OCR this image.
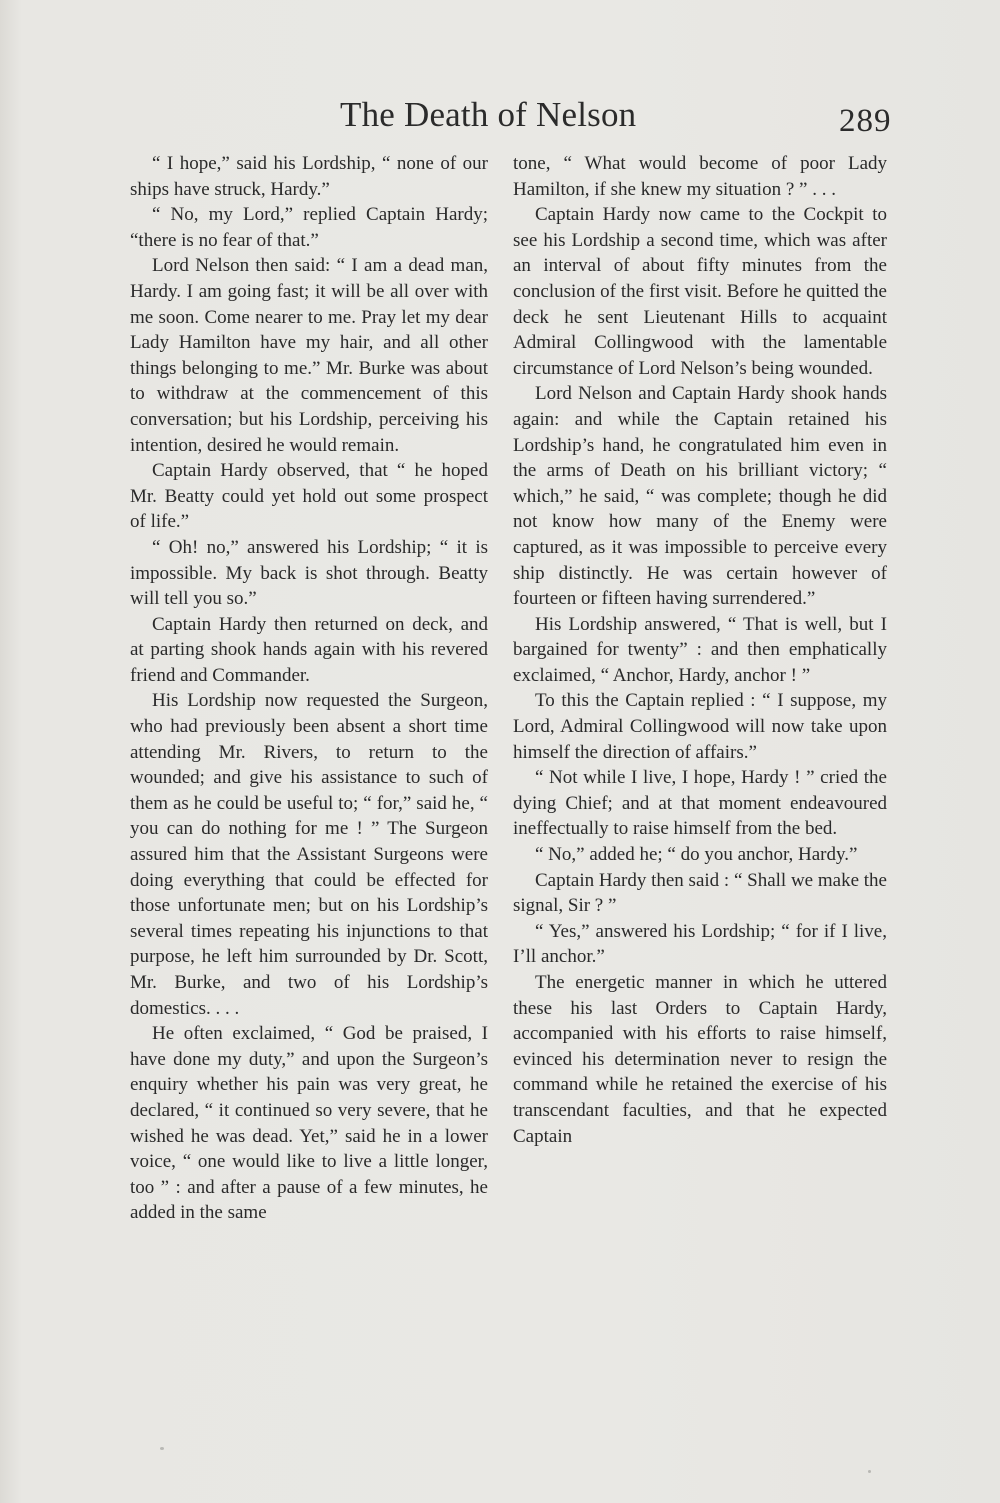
The Death of Nelson	289

“ I hope,” said his Lordship, “ none of our ships have struck, Hardy.”

“ No, my Lord,” replied Captain Hardy; “there is no fear of that.”

Lord Nelson then said: “ I am a dead man, Hardy. I am going fast; it will be all over with me soon. Come nearer to me. Pray let my dear Lady Hamilton have my hair, and all other things belonging to me.” Mr. Burke was about to withdraw at the commencement of this conversation; but his Lordship, perceiving his intention, desired he would remain.

Captain Hardy observed, that “ he hoped Mr. Beatty could yet hold out some prospect of life.”

“ Oh! no,” answered his Lordship; “ it is impossible. My back is shot through. Beatty will tell you so.”

Captain Hardy then returned on deck, and at parting shook hands again with his revered friend and Commander.

His Lordship now requested the Surgeon, who had previously been absent a short time attending Mr. Rivers, to return to the wounded; and give his assistance to such of them as he could be useful to; “ for,” said he, “ you can do nothing for me ! ” The Surgeon assured him that the Assistant Surgeons were doing everything that could be effected for those unfortunate men; but on his Lordship’s several times repeating his injunctions to that purpose, he left him surrounded by Dr. Scott, Mr. Burke, and two of his Lordship’s domestics. . . .

He often exclaimed, “ God be praised, I have done my duty,” and upon the Surgeon’s enquiry whether his pain was very great, he declared, “ it continued so very severe, that he wished he was dead. Yet,” said he in a lower voice, “ one would like to live a little longer, too ” : and after a pause of a few minutes, he added in the same

tone, “ What would become of poor Lady Hamilton, if she knew my situation ? ” . . .

Captain Hardy now came to the Cockpit to see his Lordship a second time, which was after an interval of about fifty minutes from the conclusion of the first visit. Before he quitted the deck he sent Lieutenant Hills to acquaint Admiral Collingwood with the lamentable circumstance of Lord Nelson’s being wounded.

Lord Nelson and Captain Hardy shook hands again: and while the Captain retained his Lordship’s hand, he congratulated him even in the arms of Death on his brilliant victory; “ which,” he said, “ was complete; though he did not know how many of the Enemy were captured, as it was impossible to perceive every ship distinctly. He was certain however of fourteen or fifteen having surrendered.”

His Lordship answered, “ That is well, but I bargained for twenty” : and then emphatically exclaimed, “ Anchor, Hardy, anchor ! ”

To this the Captain replied : “ I suppose, my Lord, Admiral Collingwood will now take upon himself the direction of affairs.”

“ Not while I live, I hope, Hardy ! ” cried the dying Chief; and at that moment endeavoured ineffectually to raise himself from the bed.

“ No,” added he; “ do you anchor, Hardy.”

Captain Hardy then said : “ Shall we make the signal, Sir ? ”

“ Yes,” answered his Lordship; “ for if I live, I’ll anchor.”

The energetic manner in which he uttered these his last Orders to Captain Hardy, accompanied with his efforts to raise himself, evinced his determination never to resign the command while he retained the exercise of his transcendant faculties, and that he expected Captain
